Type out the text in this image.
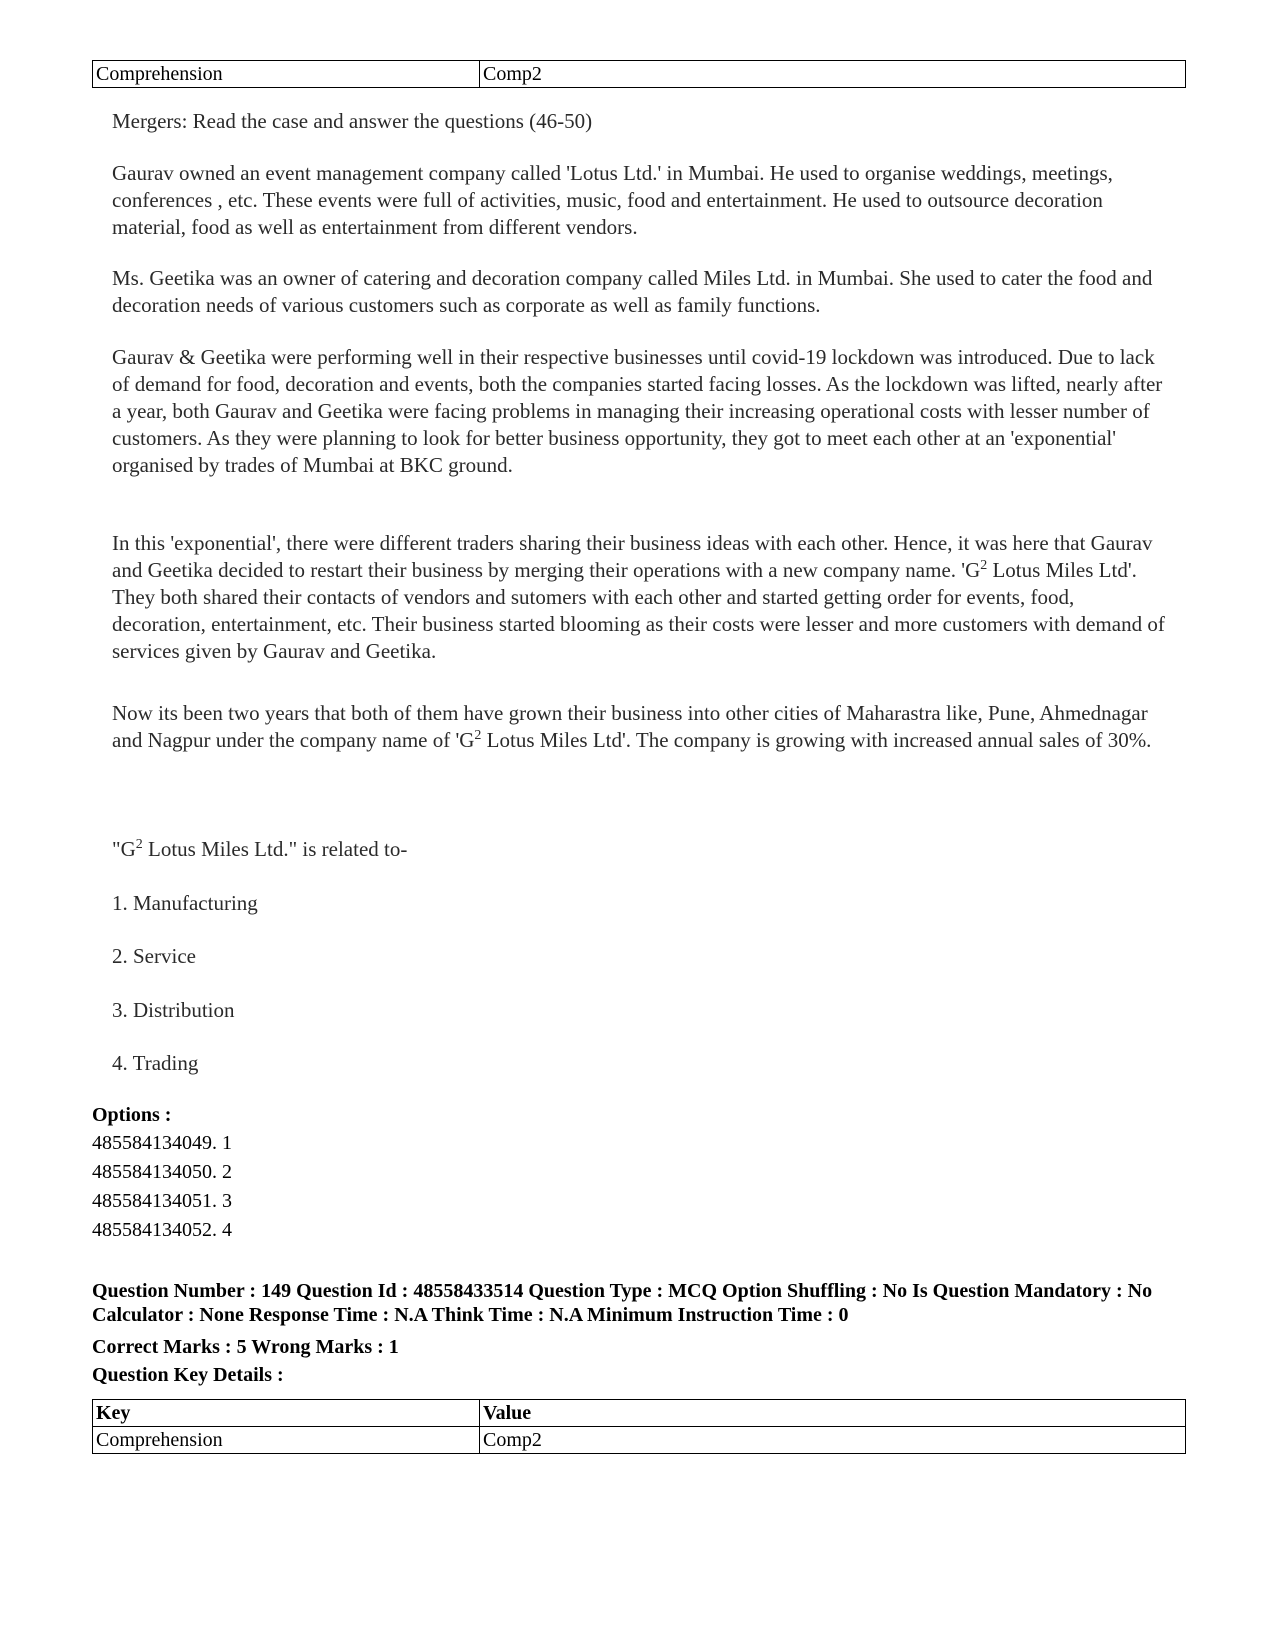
Comprehension	Comp2

Mergers: Read the case and answer the questions (46-50)

Gaurav owned an event management company called 'Lotus Ltd.' in Mumbai. He used to organise weddings, meetings, conferences , etc. These events were full of activities, music, food and entertainment. He used to outsource decoration material, food as well as entertainment from different vendors.

Ms. Geetika was an owner of catering and decoration company called Miles Ltd. in Mumbai. She used to cater the food and decoration needs of various customers such as corporate as well as family functions.

Gaurav & Geetika were performing well in their respective businesses until covid-19 lockdown was introduced. Due to lack of demand for food, decoration and events, both the companies started facing losses. As the lockdown was lifted, nearly after a year, both Gaurav and Geetika were facing problems in managing their increasing operational costs with lesser number of customers. As they were planning to look for better business opportunity, they got to meet each other at an 'exponential' organised by trades of Mumbai at BKC ground.

In this 'exponential', there were different traders sharing their business ideas with each other. Hence, it was here that Gaurav and Geetika decided to restart their business by merging their operations with a new company name. '$G^2$ Lotus Miles Ltd'. They both shared their contacts of vendors and sutomers with each other and started getting order for events, food, decoration, entertainment, etc. Their business started blooming as their costs were lesser and more customers with demand of services given by Gaurav and Geetika.

Now its been two years that both of them have grown their business into other cities of Maharastra like, Pune, Ahmednagar and Nagpur under the company name of '$G^2$ Lotus Miles Ltd'. The company is growing with increased annual sales of 30%.

"$G^2$ Lotus Miles Ltd." is related to-

1. Manufacturing

2. Service

3. Distribution

4. Trading

Options :
485584134049. 1
485584134050. 2
485584134051. 3
485584134052. 4
Question Number : 149 Question Id : 48558433514 Question Type : MCQ Option Shuffling : No Is Question Mandatory : No Calculator : None Response Time : N.A Think Time : N.A Minimum Instruction Time : 0
Correct Marks : 5 Wrong Marks : 1
Question Key Details :
Key	Value
Comprehension	Comp2
